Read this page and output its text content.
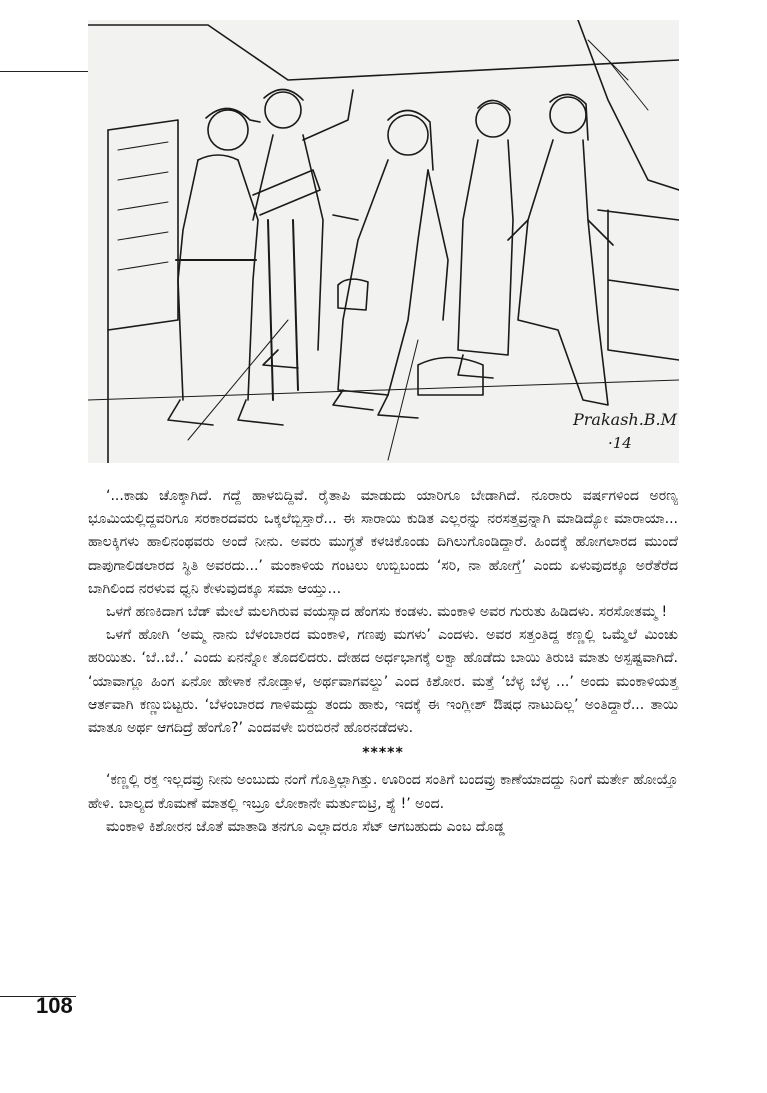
Prakash.B.M
·14

‘...ಕಾಡು ಚೊಕ್ಕಾಗಿದೆ. ಗದ್ದೆ ಹಾಳಬಿದ್ದಿವೆ. ರೈತಾಪಿ ಮಾಡುದು ಯಾರಿಗೂ ಬೇಡಾಗಿದೆ. ನೂರಾರು ವರ್ಷಗಳಿಂದ ಅರಣ್ಯ ಭೂಮಿಯಲ್ಲಿದ್ದವರಿಗೂ ಸರಕಾರದವರು ಒಕ್ಕಲೆಬ್ಬಿಸ್ತಾರೆ... ಈ ಸಾರಾಯಿ ಕುಡಿತ ಎಲ್ಲರನ್ನು ನರಸತ್ತವ್ರನ್ನಾಗಿ ಮಾಡಿದ್ಯೋ ಮಾರಾಯಾ... ಹಾಲಕ್ಕಿಗಳು ಹಾಲಿನಂಥವರು ಅಂದೆ ನೀನು. ಅವರು ಮುಗ್ಧತೆ ಕಳಚಿಕೊಂಡು ದಿಗಿಲುಗೊಂಡಿದ್ದಾರೆ. ಹಿಂದಕ್ಕೆ ಹೋಗಲಾರದ ಮುಂದೆ ದಾಪುಗಾಲಿಡಲಾರದ ಸ್ಥಿತಿ ಅವರದು...’ ಮಂಕಾಳಿಯ ಗಂಟಲು ಉಬ್ಬಿಬಂದು ‘ಸರಿ, ನಾ ಹೋಗ್ತೆ’ ಎಂದು ಏಳುವುದಕ್ಕೂ ಅರೆತೆರೆದ ಬಾಗಿಲಿಂದ ನರಳುವ ಧ್ವನಿ ಕೇಳುವುದಕ್ಕೂ ಸಮಾ ಆಯ್ತು...

ಒಳಗೆ ಹಣಕಿದಾಗ ಬೆಡ್ ಮೇಲೆ ಮಲಗಿರುವ ವಯಸ್ಸಾದ ಹೆಂಗಸು ಕಂಡಳು. ಮಂಕಾಳಿ ಅವರ ಗುರುತು ಹಿಡಿದಳು. ಸರಸೋತಮ್ಮ !

ಒಳಗೆ ಹೋಗಿ ‘ಅಮ್ಮ ನಾನು ಬೆಳಂಬಾರದ ಮಂಕಾಳಿ, ಗಣಪು ಮಗಳು’ ಎಂದಳು. ಅವರ ಸತ್ತಂತಿದ್ದ ಕಣ್ಣಲ್ಲಿ ಒಮ್ಮೆಲೆ ಮಿಂಚು ಹರಿಯಿತು. ‘ಬೆ..ಬೆ..’ ಎಂದು ಏನನ್ನೋ ತೊದಲಿದರು. ದೇಹದ ಅರ್ಧಭಾಗಕ್ಕೆ ಲಕ್ವಾ ಹೊಡೆದು ಬಾಯಿ ತಿರುಚಿ ಮಾತು ಅಸ್ಪಷ್ಟವಾಗಿದೆ. ‘ಯಾವಾಗ್ಲೂ ಹಿಂಗ ಏನೋ ಹೇಳಾಕ ನೋಡ್ತಾಳ, ಅರ್ಥವಾಗವಲ್ದು’ ಎಂದ ಕಿಶೋರ. ಮತ್ತೆ ‘ಬೆಳ್ಳ ಬೆಳ್ಳ ...’ ಅಂದು ಮಂಕಾಳಿಯತ್ತ ಆರ್ತವಾಗಿ ಕಣ್ಣುಬಿಟ್ಟರು. ‘ಬೆಳಂಬಾರದ ಗಾಳಿಮದ್ದು ತಂದು ಹಾಕು, ಇದಕ್ಕೆ ಈ ಇಂಗ್ಲೀಶ್ ಔಷಧ ನಾಟುದಿಲ್ಲ’ ಅಂತಿದ್ದಾರೆ... ತಾಯಿ ಮಾತೂ ಅರ್ಥ ಆಗದಿದ್ರೆ ಹೆಂಗೊ?’ ಎಂದವಳೇ ಬಿರಬಿರನೆ ಹೊರನಡೆದಳು.

*****

‘ಕಣ್ಣಲ್ಲಿ ರಕ್ತ ಇಲ್ಲದವ್ರು ನೀನು ಅಂಬುದು ನಂಗೆ ಗೊತ್ತಿಲ್ಲಾಗಿತ್ತು. ಊರಿಂದ ಸಂತಿಗೆ ಬಂದವ್ರು ಕಾಣೆಯಾದದ್ದು ನಿಂಗೆ ಮರ್ತೇ ಹೋಯ್ತೊ ಹೇಳಿ. ಬಾಲ್ಯದ ಕೊಮಣೆ ಮಾತಲ್ಲಿ ಇಬ್ರೂ ಲೋಕಾನೇ ಮರ್ತುಬಿಟ್ರಿ, ಶ್ಯೆ !’ ಅಂದ.

ಮಂಕಾಳಿ ಕಿಶೋರನ ಜೊತೆ ಮಾತಾಡಿ ತನಗೂ ಎಲ್ಲಾದರೂ ಸೆಟ್ ಆಗಬಹುದು ಎಂಬ ದೊಡ್ಡ

108
